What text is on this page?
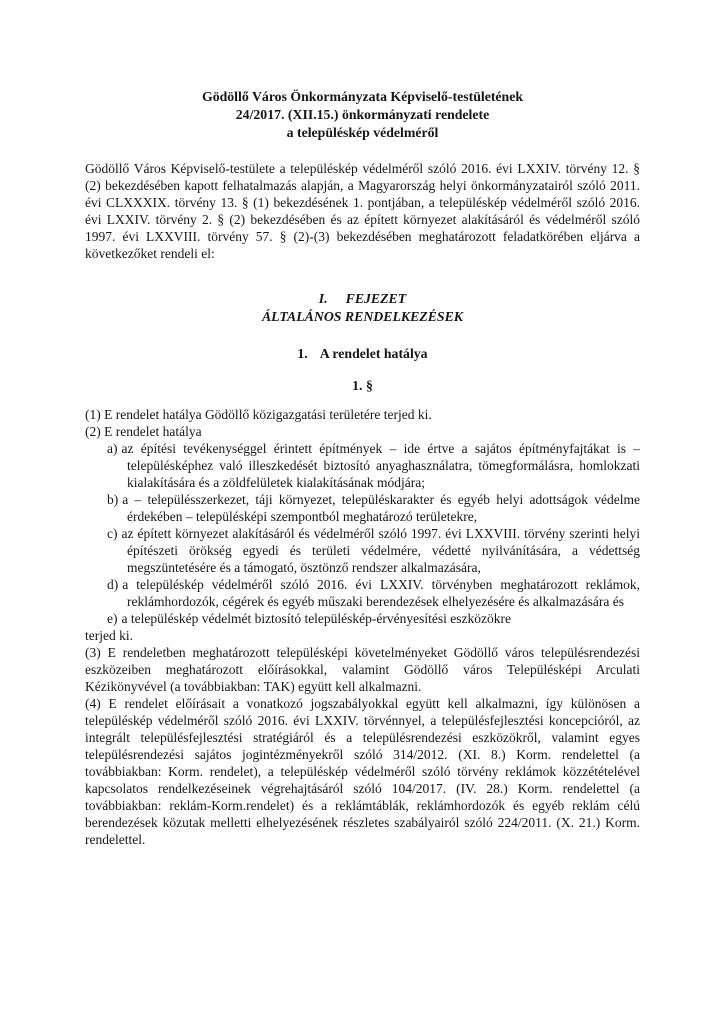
Gödöllő Város Önkormányzata Képviselő-testületének
24/2017. (XII.15.) önkormányzati rendelete
a településkép védelméről

Gödöllő Város Képviselő-testülete a településkép védelméről szóló 2016. évi LXXIV. törvény 12. § (2) bekezdésében kapott felhatalmazás alapján, a Magyarország helyi önkormányzatairól szóló 2011. évi CLXXXIX. törvény 13. § (1) bekezdésének 1. pontjában, a településkép védelméről szóló 2016. évi LXXIV. törvény 2. § (2) bekezdésében és az épített környezet alakításáról és védelméről szóló 1997. évi LXXVIII. törvény 57. § (2)-(3) bekezdésében meghatározott feladatkörében eljárva a következőket rendeli el:

I. FEJEZET
ÁLTALÁNOS RENDELKEZÉSEK
1. A rendelet hatálya
1. §

(1) E rendelet hatálya Gödöllő közigazgatási területére terjed ki.

(2) E rendelet hatálya

a) az építési tevékenységgel érintett építmények – ide értve a sajátos építményfajtákat is – településképhez való illeszkedését biztosító anyaghasználatra, tömegformálásra, homlokzati kialakítására és a zöldfelületek kialakításának módjára;

b) a – településszerkezet, táji környezet, településkarakter és egyéb helyi adottságok védelme érdekében – településképi szempontból meghatározó területekre,

c) az épített környezet alakításáról és védelméről szóló 1997. évi LXXVIII. törvény szerinti helyi építészeti örökség egyedi és területi védelmére, védetté nyilvánítására, a védettség megszüntetésére és a támogató, ösztönző rendszer alkalmazására,

d) a településkép védelméről szóló 2016. évi LXXIV. törvényben meghatározott reklámok, reklámhordozók, cégérek és egyéb műszaki berendezések elhelyezésére és alkalmazására és

e) a településkép védelmét biztosító településkép-érvényesítési eszközökre

terjed ki.

(3) E rendeletben meghatározott településképi követelményeket Gödöllő város településrendezési eszközeiben meghatározott előírásokkal, valamint Gödöllő város Településképi Arculati Kézikönyvével (a továbbiakban: TAK) együtt kell alkalmazni.

(4) E rendelet előírásait a vonatkozó jogszabályokkal együtt kell alkalmazni, így különösen a településkép védelméről szóló 2016. évi LXXIV. törvénnyel, a településfejlesztési koncepcióról, az integrált településfejlesztési stratégiáról és a településrendezési eszközökről, valamint egyes településrendezési sajátos jogintézményekről szóló 314/2012. (XI. 8.) Korm. rendelettel (a továbbiakban: Korm. rendelet), a településkép védelméről szóló törvény reklámok közzétételével kapcsolatos rendelkezéseinek végrehajtásáról szóló 104/2017. (IV. 28.) Korm. rendelettel (a továbbiakban: reklám-Korm.rendelet) és a reklámtáblák, reklámhordozók és egyéb reklám célú berendezések közutak melletti elhelyezésének részletes szabályairól szóló 224/2011. (X. 21.) Korm. rendelettel.
